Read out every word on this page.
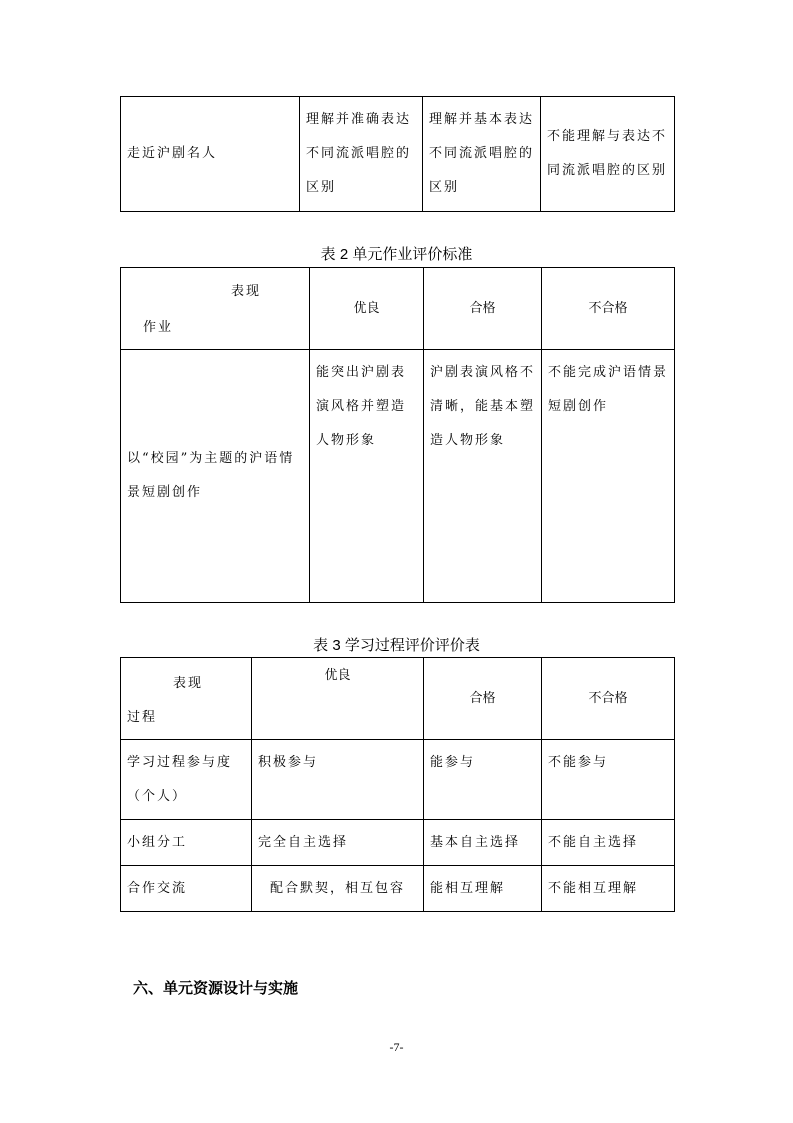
走近沪剧名人	理解并准确表达不同流派唱腔的区别	理解并基本表达不同流派唱腔的区别	不能理解与表达不同流派唱腔的区别
表 2 单元作业评价标准
表现
作业	优良	合格	不合格
以“校园”为主题的沪语情景短剧创作	能突出沪剧表演风格并塑造人物形象	沪剧表演风格不清晰，能基本塑造人物形象	不能完成沪语情景短剧创作
表 3 学习过程评价评价表
表现
过程	优良	合格	不合格
学习过程参与度（个人）	积极参与	能参与	不能参与
小组分工	完全自主选择	基本自主选择	不能自主选择
合作交流	配合默契，相互包容	能相互理解	不能相互理解
六、单元资源设计与实施
-7-
